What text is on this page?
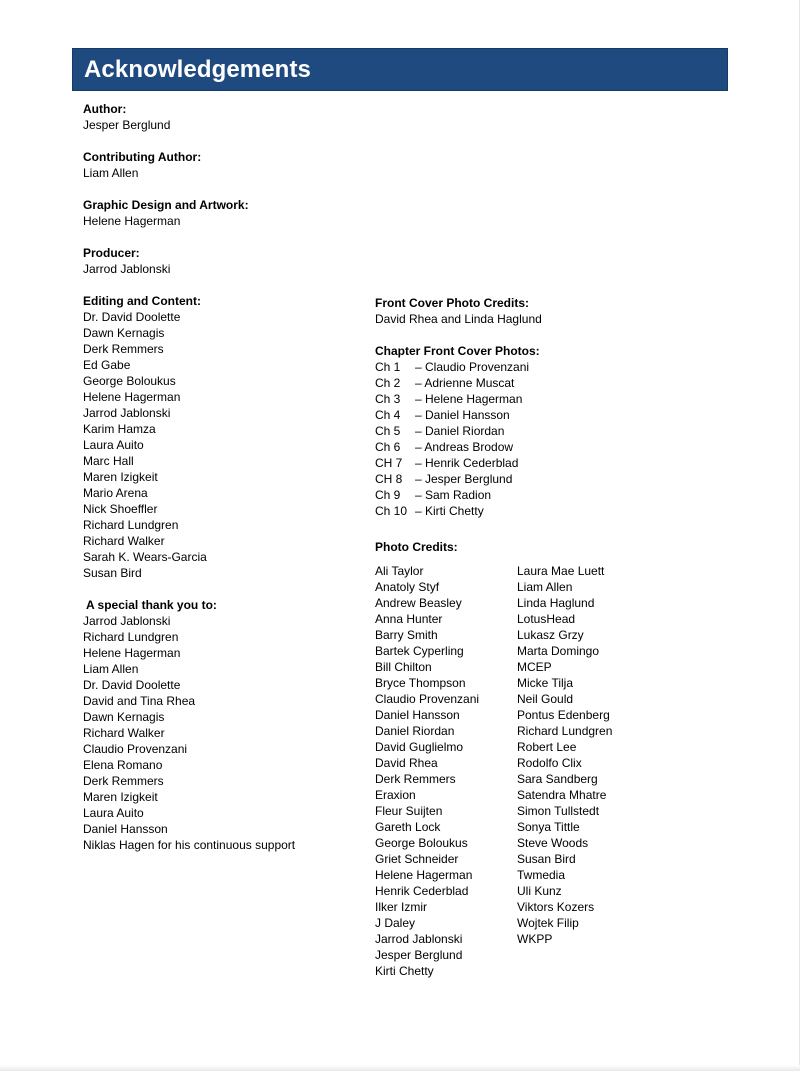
Acknowledgements
Author:
Jesper Berglund
Contributing Author:
Liam Allen
Graphic Design and Artwork:
Helene Hagerman
Producer:
Jarrod Jablonski
Editing and Content:
Dr. David Doolette
Dawn Kernagis
Derk Remmers
Ed Gabe
George Boloukus
Helene Hagerman
Jarrod Jablonski
Karim Hamza
Laura Auito
Marc Hall
Maren Izigkeit
Mario Arena
Nick Shoeffler
Richard Lundgren
Richard Walker
Sarah K. Wears-Garcia
Susan Bird
A special thank you to:
Jarrod Jablonski
Richard Lundgren
Helene Hagerman
Liam Allen
Dr. David Doolette
David and Tina Rhea
Dawn Kernagis
Richard Walker
Claudio Provenzani
Elena Romano
Derk Remmers
Maren Izigkeit
Laura Auito
Daniel Hansson
Niklas Hagen for his continuous support
Front Cover Photo Credits:
David Rhea and Linda Haglund
Chapter Front Cover Photos:
Ch 1 – Claudio Provenzani
Ch 2 – Adrienne Muscat
Ch 3 – Helene Hagerman
Ch 4 – Daniel Hansson
Ch 5 – Daniel Riordan
Ch 6 – Andreas Brodow
CH 7 – Henrik Cederblad
CH 8 – Jesper Berglund
Ch 9 – Sam Radion
Ch 10 – Kirti Chetty
Photo Credits:
Ali Taylor
Anatoly Styf
Andrew Beasley
Anna Hunter
Barry Smith
Bartek Cyperling
Bill Chilton
Bryce Thompson
Claudio Provenzani
Daniel Hansson
Daniel Riordan
David Guglielmo
David Rhea
Derk Remmers
Eraxion
Fleur Suijten
Gareth Lock
George Boloukus
Griet Schneider
Helene Hagerman
Henrik Cederblad
Ilker Izmir
J Daley
Jarrod Jablonski
Jesper Berglund
Kirti Chetty
Laura Mae Luett
Liam Allen
Linda Haglund
LotusHead
Lukasz Grzy
Marta Domingo
MCEP
Micke Tilja
Neil Gould
Pontus Edenberg
Richard Lundgren
Robert Lee
Rodolfo Clix
Sara Sandberg
Satendra Mhatre
Simon Tullstedt
Sonya Tittle
Steve Woods
Susan Bird
Twmedia
Uli Kunz
Viktors Kozers
Wojtek Filip
WKPP
